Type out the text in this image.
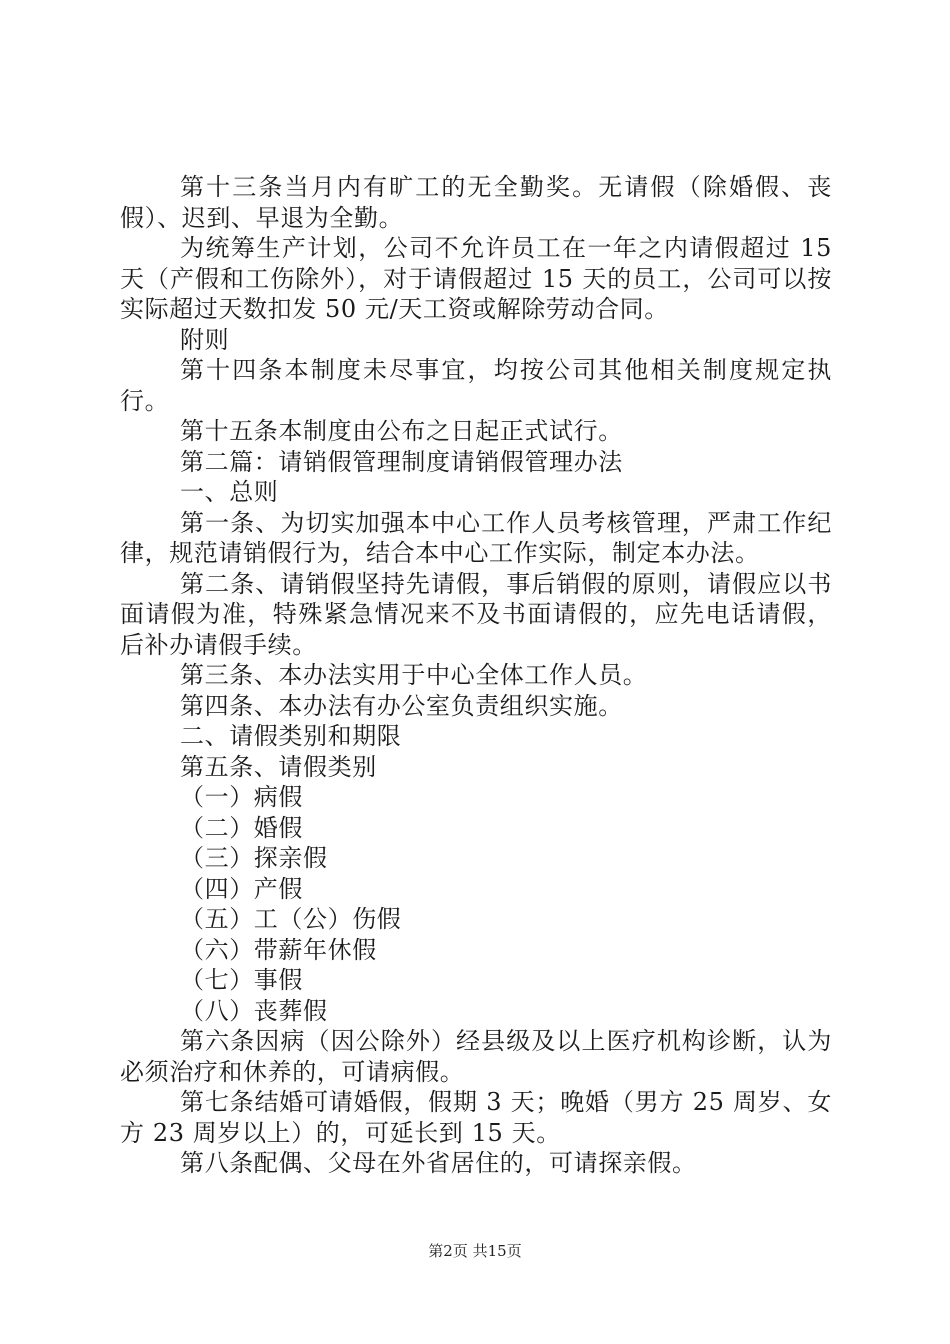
第十三条当月内有旷工的无全勤奖。无请假（除婚假、丧假）、迟到、早退为全勤。

为统筹生产计划，公司不允许员工在一年之内请假超过 15 天（产假和工伤除外），对于请假超过 15 天的员工，公司可以按实际超过天数扣发 50 元/天工资或解除劳动合同。

附则

第十四条本制度未尽事宜，均按公司其他相关制度规定执行。

第十五条本制度由公布之日起正式试行。

第二篇：请销假管理制度请销假管理办法

一、总则

第一条、为切实加强本中心工作人员考核管理，严肃工作纪律，规范请销假行为，结合本中心工作实际，制定本办法。

第二条、请销假坚持先请假，事后销假的原则，请假应以书面请假为准，特殊紧急情况来不及书面请假的，应先电话请假，后补办请假手续。

第三条、本办法实用于中心全体工作人员。

第四条、本办法有办公室负责组织实施。

二、请假类别和期限

第五条、请假类别

（一）病假

（二）婚假

（三）探亲假

（四）产假

（五）工（公）伤假

（六）带薪年休假

（七）事假

（八）丧葬假

第六条因病（因公除外）经县级及以上医疗机构诊断，认为必须治疗和休养的，可请病假。

第七条结婚可请婚假，假期 3 天；晚婚（男方 25 周岁、女方 23 周岁以上）的，可延长到 15 天。

第八条配偶、父母在外省居住的，可请探亲假。

第2页 共15页
